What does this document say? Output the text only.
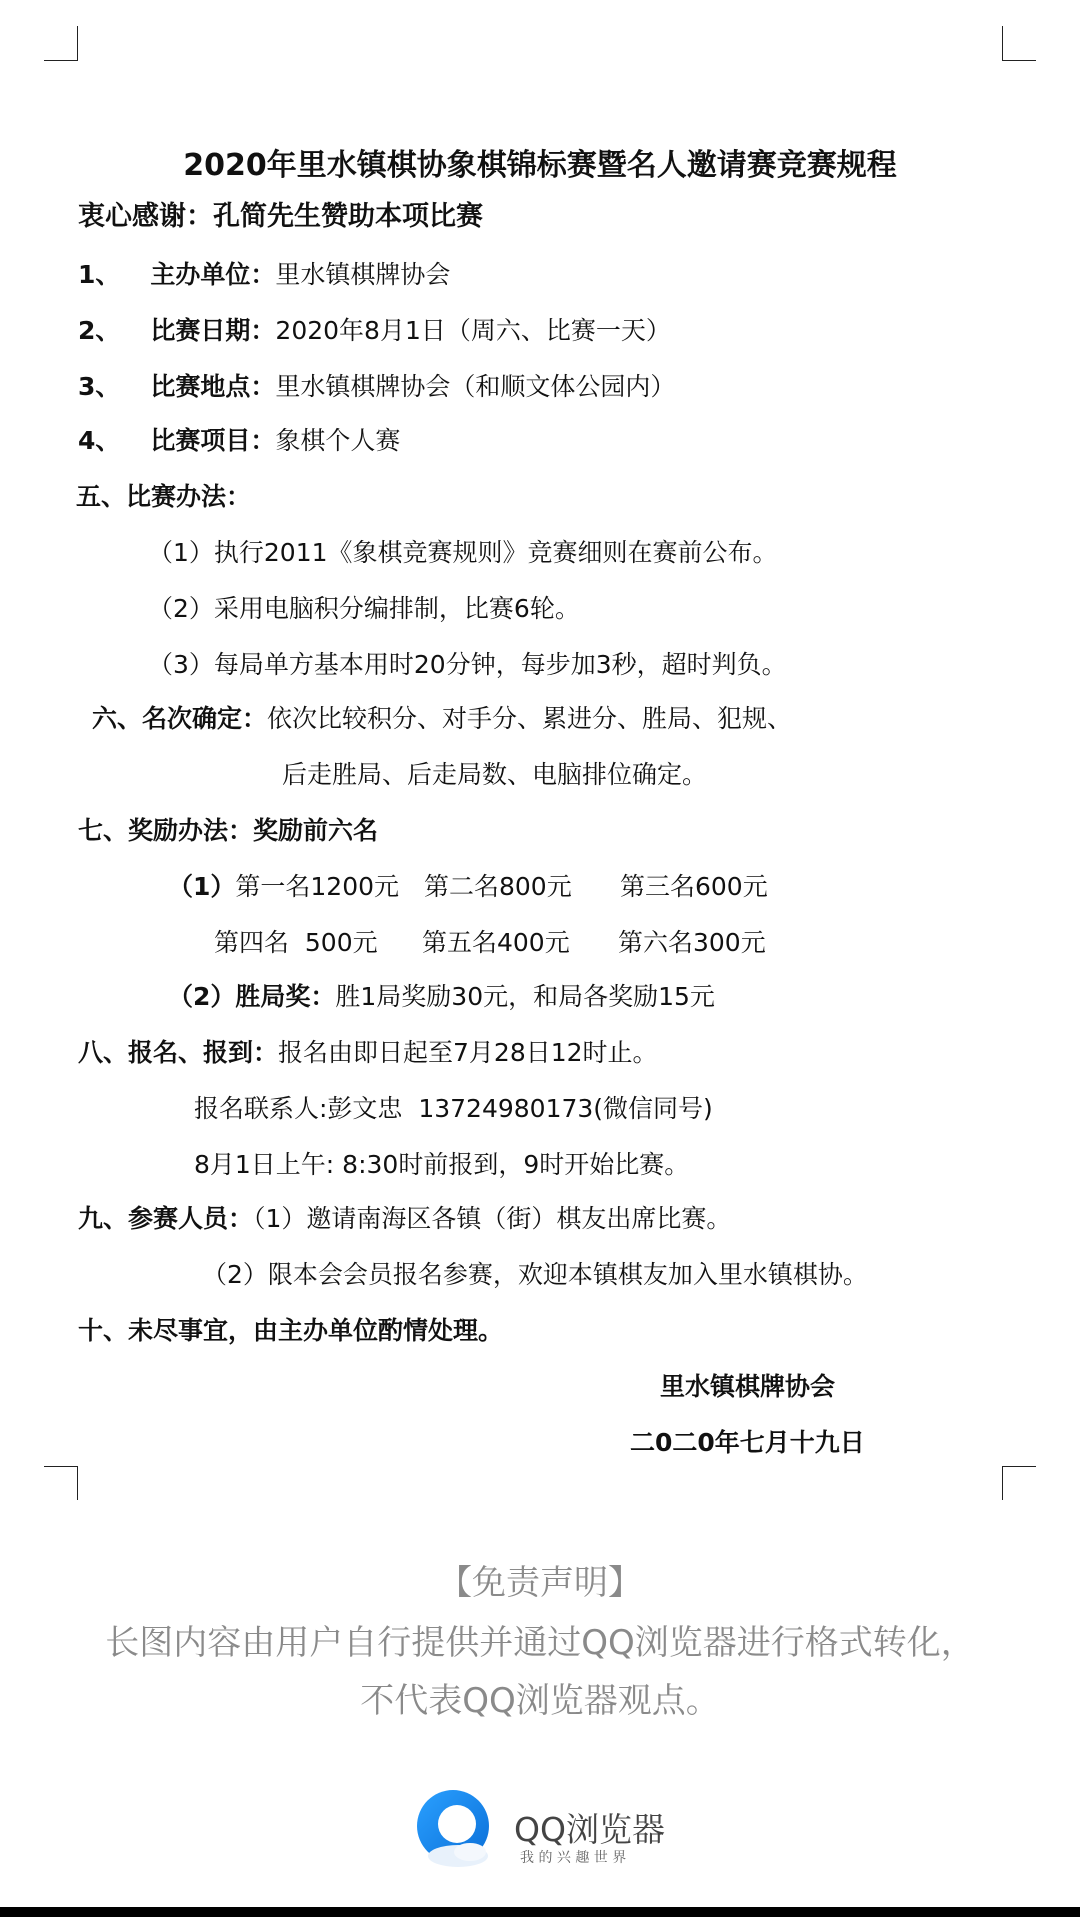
2020年里水镇棋协象棋锦标赛暨名人邀请赛竞赛规程
衷心感谢：孔简先生赞助本项比赛
1、 主办单位：里水镇棋牌协会
2、 比赛日期：2020年8月1日（周六、比赛一天）
3、 比赛地点：里水镇棋牌协会（和顺文体公园内）
4、 比赛项目：象棋个人赛
五、比赛办法：
（1）执行2011《象棋竞赛规则》竞赛细则在赛前公布。
（2）采用电脑积分编排制，比赛6轮。
（3）每局单方基本用时20分钟，每步加3秒，超时判负。
六、名次确定：依次比较积分、对手分、累进分、胜局、犯规、
后走胜局、后走局数、电脑排位确定。
七、奖励办法：奖励前六名
（1）第一名1200元 第二名800元 第三名600元
第四名  500元 第五名400元 第六名300元
（2）胜局奖：胜1局奖励30元，和局各奖励15元
八、报名、报到：报名由即日起至7月28日12时止。
报名联系人:彭文忠  13724980173(微信同号)
8月1日上午: 8:30时前报到，9时开始比赛。
九、参赛人员：（1）邀请南海区各镇（街）棋友出席比赛。
（2）限本会会员报名参赛，欢迎本镇棋友加入里水镇棋协。
十、未尽事宜，由主办单位酌情处理。
里水镇棋牌协会
二0二0年七月十九日
【免责声明】
长图内容由用户自行提供并通过QQ浏览器进行格式转化，
不代表QQ浏览器观点。
QQ浏览器
我 的 兴 趣 世 界
